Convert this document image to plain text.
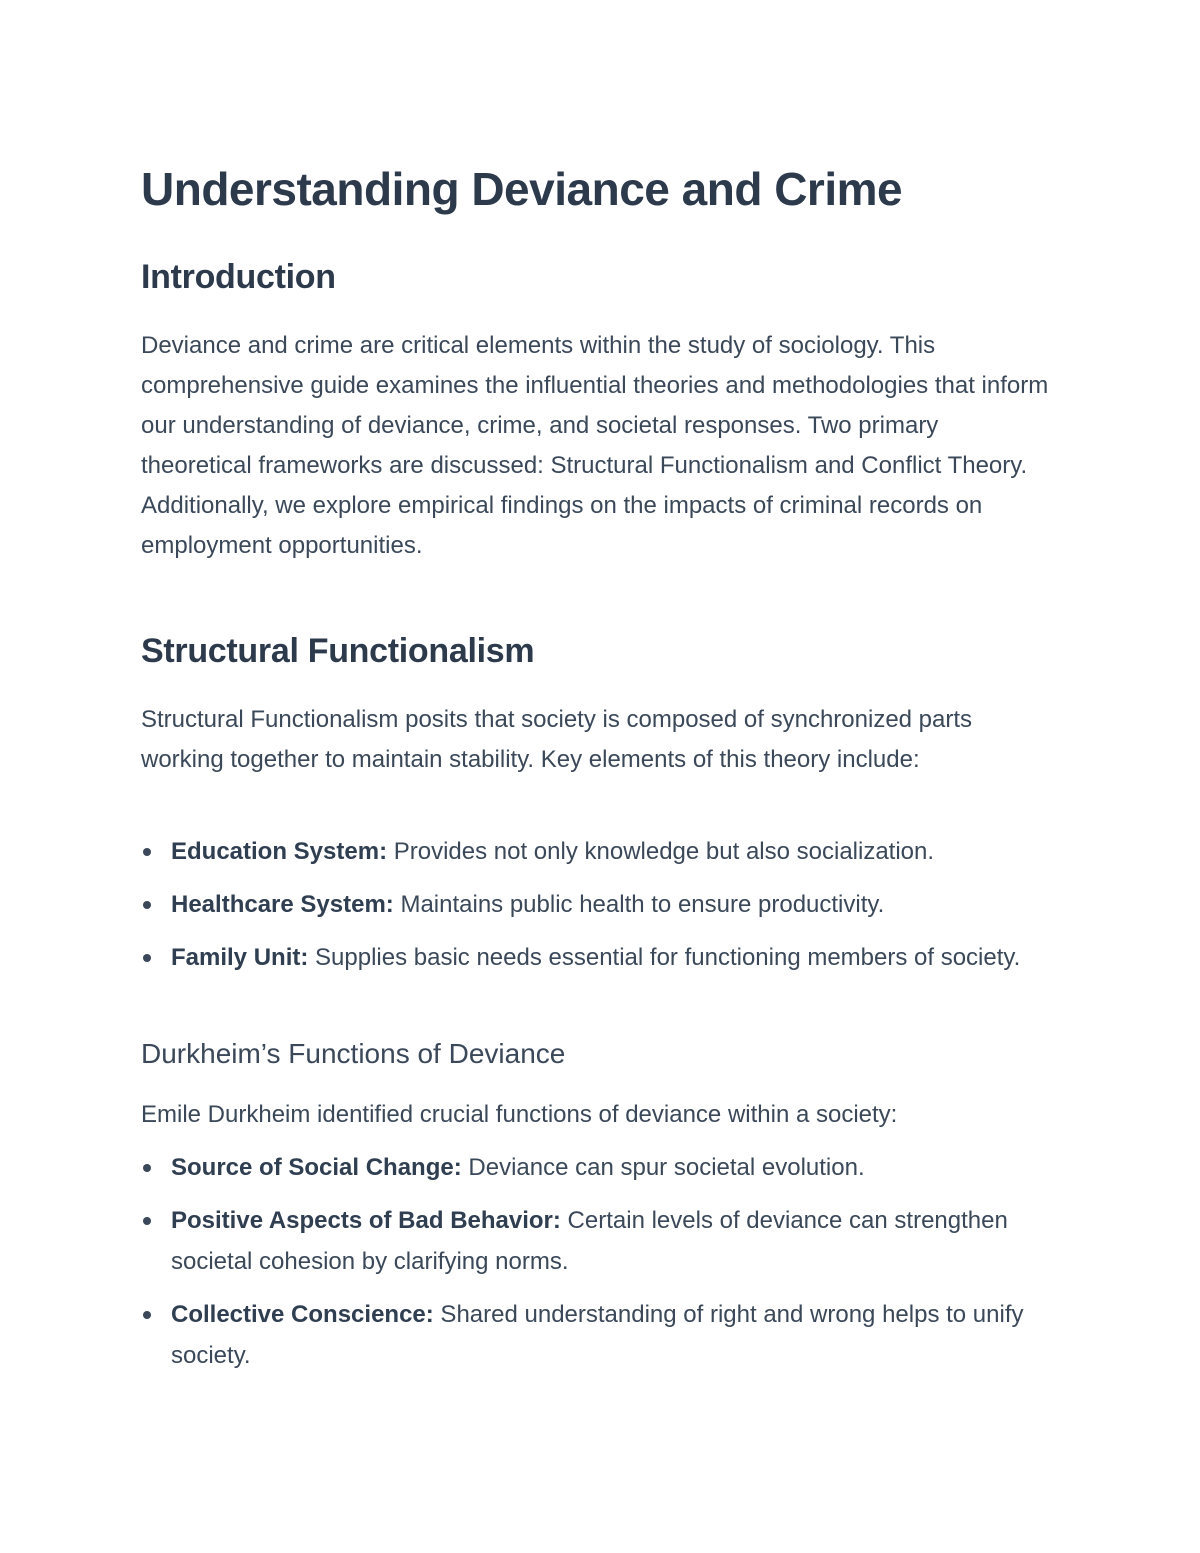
Understanding Deviance and Crime
Introduction

Deviance and crime are critical elements within the study of sociology. This comprehensive guide examines the influential theories and methodologies that inform our understanding of deviance, crime, and societal responses. Two primary theoretical frameworks are discussed: Structural Functionalism and Conflict Theory. Additionally, we explore empirical findings on the impacts of criminal records on employment opportunities.

Structural Functionalism

Structural Functionalism posits that society is composed of synchronized parts working together to maintain stability. Key elements of this theory include:

Education System: Provides not only knowledge but also socialization.
Healthcare System: Maintains public health to ensure productivity.
Family Unit: Supplies basic needs essential for functioning members of society.
Durkheim’s Functions of Deviance

Emile Durkheim identified crucial functions of deviance within a society:

Source of Social Change: Deviance can spur societal evolution.
Positive Aspects of Bad Behavior: Certain levels of deviance can strengthen societal cohesion by clarifying norms.
Collective Conscience: Shared understanding of right and wrong helps to unify society.
